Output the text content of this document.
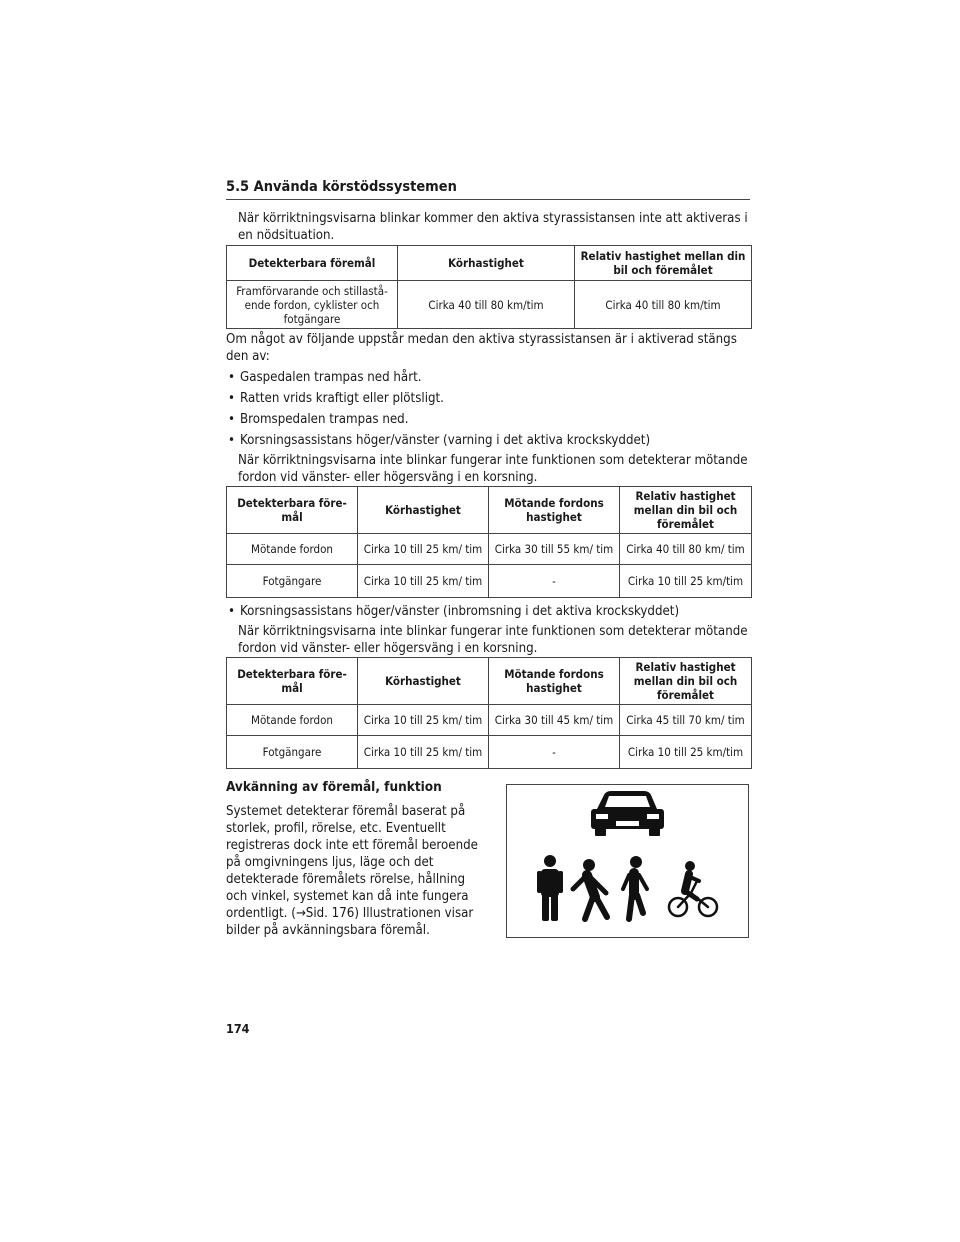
5.5 Använda körstödssystemen
När körriktningsvisarna blinkar kommer den aktiva styrassistansen inte att aktiveras i en nödsituation.
Detekterbara föremål	Körhastighet	Relativ hastighet mellan din bil och föremålet
Framförvarande och stillastå-ende fordon, cyklister och fotgängare	Cirka 40 till 80 km/tim	Cirka 40 till 80 km/tim
Om något av följande uppstår medan den aktiva styrassistansen är i aktiverad stängs den av:
• Gaspedalen trampas ned hårt.
• Ratten vrids kraftigt eller plötsligt.
• Bromspedalen trampas ned.
• Korsningsassistans höger/vänster (varning i det aktiva krockskyddet)
När körriktningsvisarna inte blinkar fungerar inte funktionen som detekterar mötande fordon vid vänster- eller högersväng i en korsning.
Detekterbara före-mål	Körhastighet	Mötande fordons hastighet	Relativ hastighet mellan din bil och föremålet
Mötande fordon	Cirka 10 till 25 km/ tim	Cirka 30 till 55 km/ tim	Cirka 40 till 80 km/ tim
Fotgängare	Cirka 10 till 25 km/ tim	-	Cirka 10 till 25 km/tim
• Korsningsassistans höger/vänster (inbromsning i det aktiva krockskyddet)
När körriktningsvisarna inte blinkar fungerar inte funktionen som detekterar mötande fordon vid vänster- eller högersväng i en korsning.
Detekterbara före-mål	Körhastighet	Mötande fordons hastighet	Relativ hastighet mellan din bil och föremålet
Mötande fordon	Cirka 10 till 25 km/ tim	Cirka 30 till 45 km/ tim	Cirka 45 till 70 km/ tim
Fotgängare	Cirka 10 till 25 km/ tim	-	Cirka 10 till 25 km/tim
Avkänning av föremål, funktion
Systemet detekterar föremål baserat på storlek, profil, rörelse, etc. Eventuellt registreras dock inte ett föremål beroende på omgivningens ljus, läge och det detekterade föremålets rörelse, hållning och vinkel, systemet kan då inte fungera ordentligt. (→Sid. 176) Illustrationen visar bilder på avkänningsbara föremål.
174
